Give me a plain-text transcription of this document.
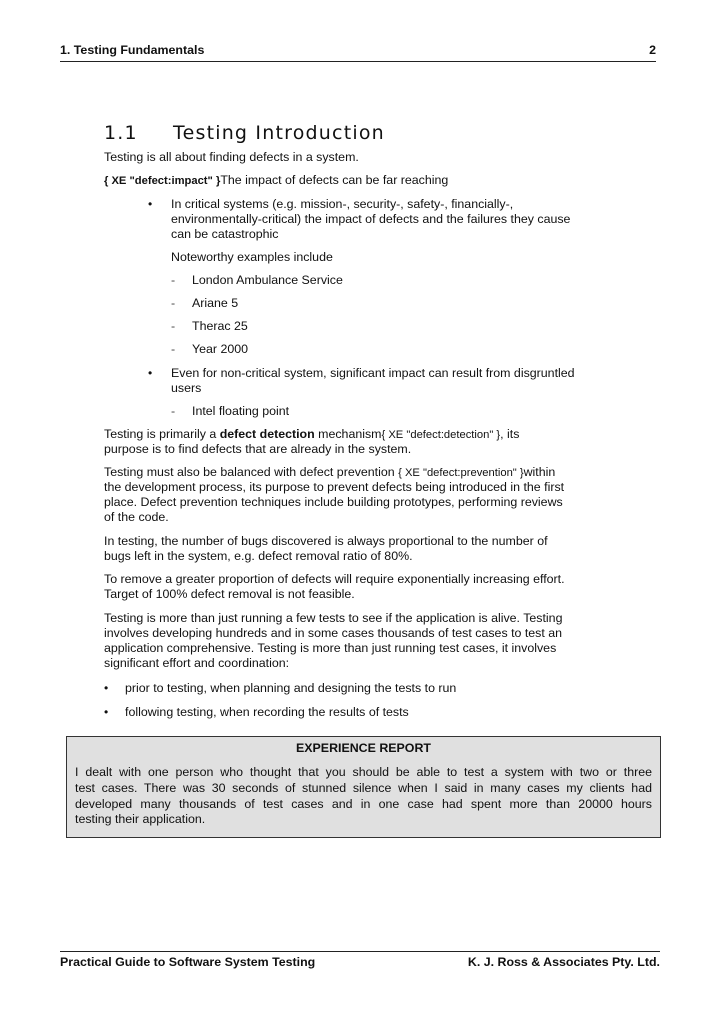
1. Testing Fundamentals	2
1.1 Testing Introduction
Testing is all about finding defects in a system.
{ XE "defect:impact" }The impact of defects can be far reaching
• In critical systems (e.g. mission-, security-, safety-, financially-,
environmentally-critical) the impact of defects and the failures they cause
can be catastrophic
Noteworthy examples include
- London Ambulance Service
- Ariane 5
- Therac 25
- Year 2000
• Even for non-critical system, significant impact can result from disgruntled
users
- Intel floating point
Testing is primarily a defect detection mechanism{ XE "defect:detection" }, its
purpose is to find defects that are already in the system.
Testing must also be balanced with defect prevention { XE "defect:prevention" }within
the development process, its purpose to prevent defects being introduced in the first
place. Defect prevention techniques include building prototypes, performing reviews
of the code.
In testing, the number of bugs discovered is always proportional to the number of
bugs left in the system, e.g. defect removal ratio of 80%.
To remove a greater proportion of defects will require exponentially increasing effort.
Target of 100% defect removal is not feasible.
Testing is more than just running a few tests to see if the application is alive. Testing
involves developing hundreds and in some cases thousands of test cases to test an
application comprehensive. Testing is more than just running test cases, it involves
significant effort and coordination:
• prior to testing, when planning and designing the tests to run
• following testing, when recording the results of tests
EXPERIENCE REPORT
I dealt with one person who thought that you should be able to test a system with two or three
test cases. There was 30 seconds of stunned silence when I said in many cases my clients had
developed many thousands of test cases and in one case had spent more than 20000 hours
testing their application.
Practical Guide to Software System Testing	K. J. Ross & Associates Pty. Ltd.
